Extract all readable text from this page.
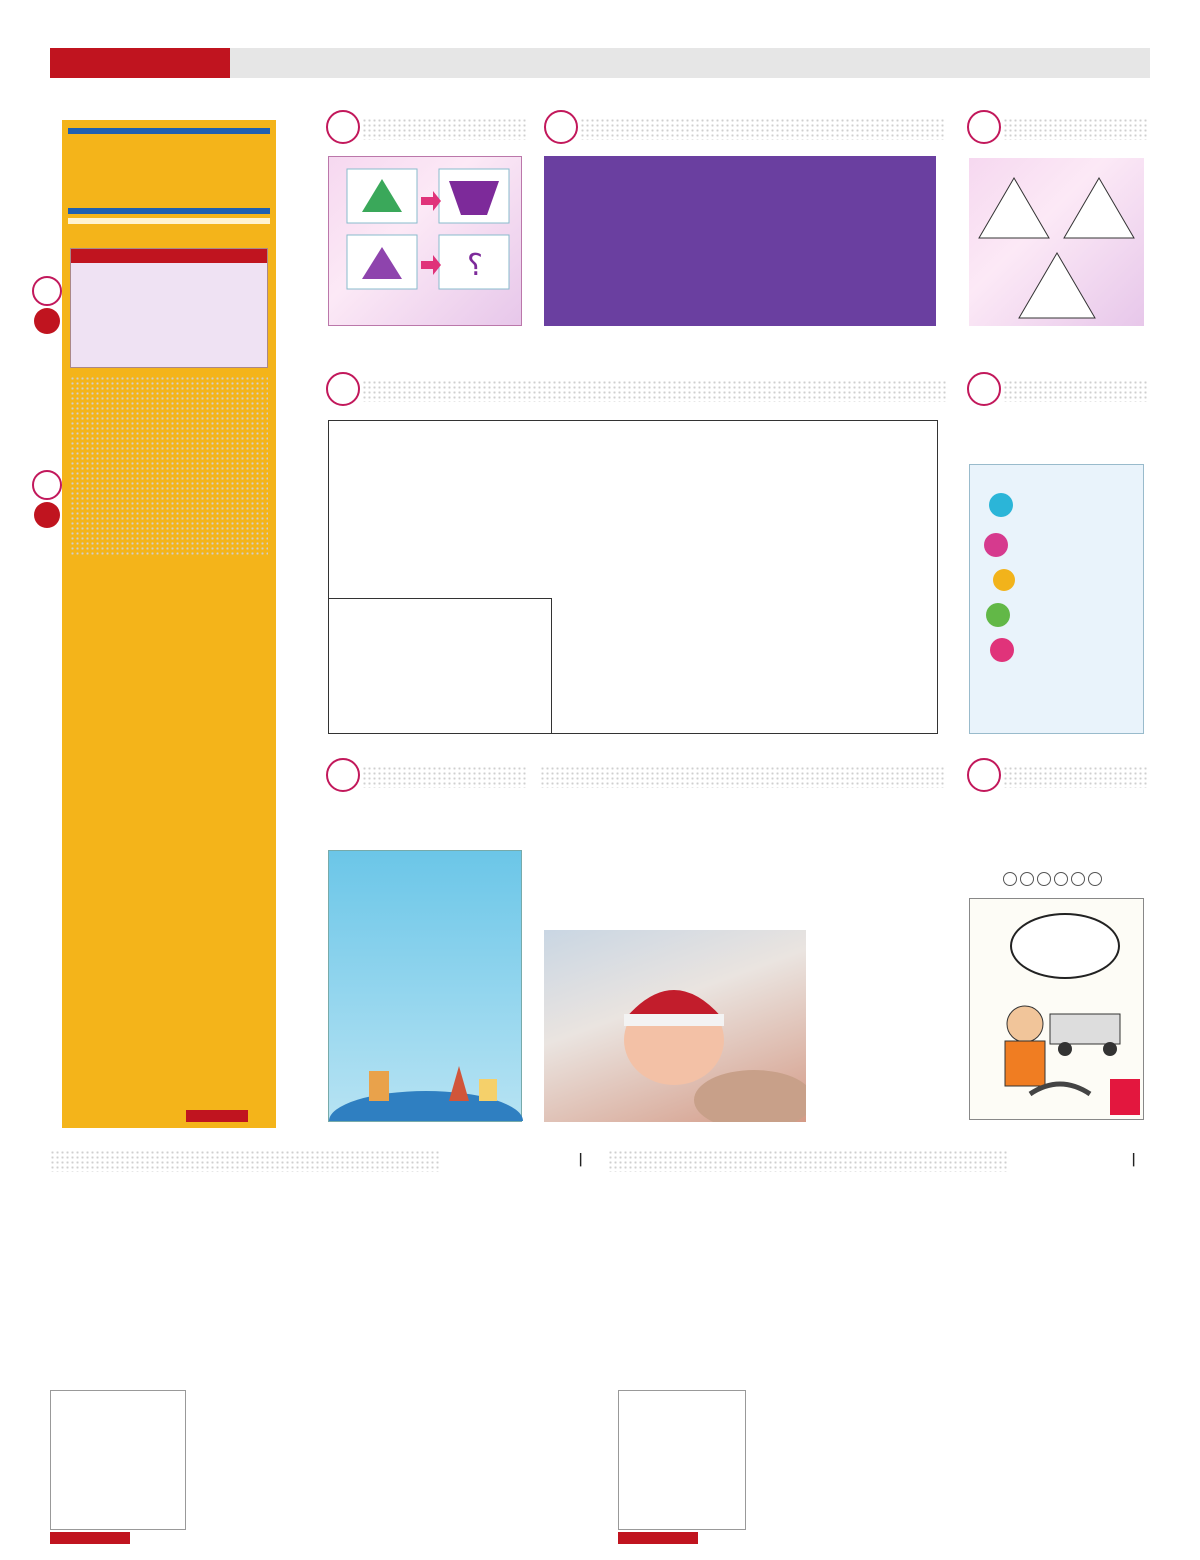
؟
|
|
